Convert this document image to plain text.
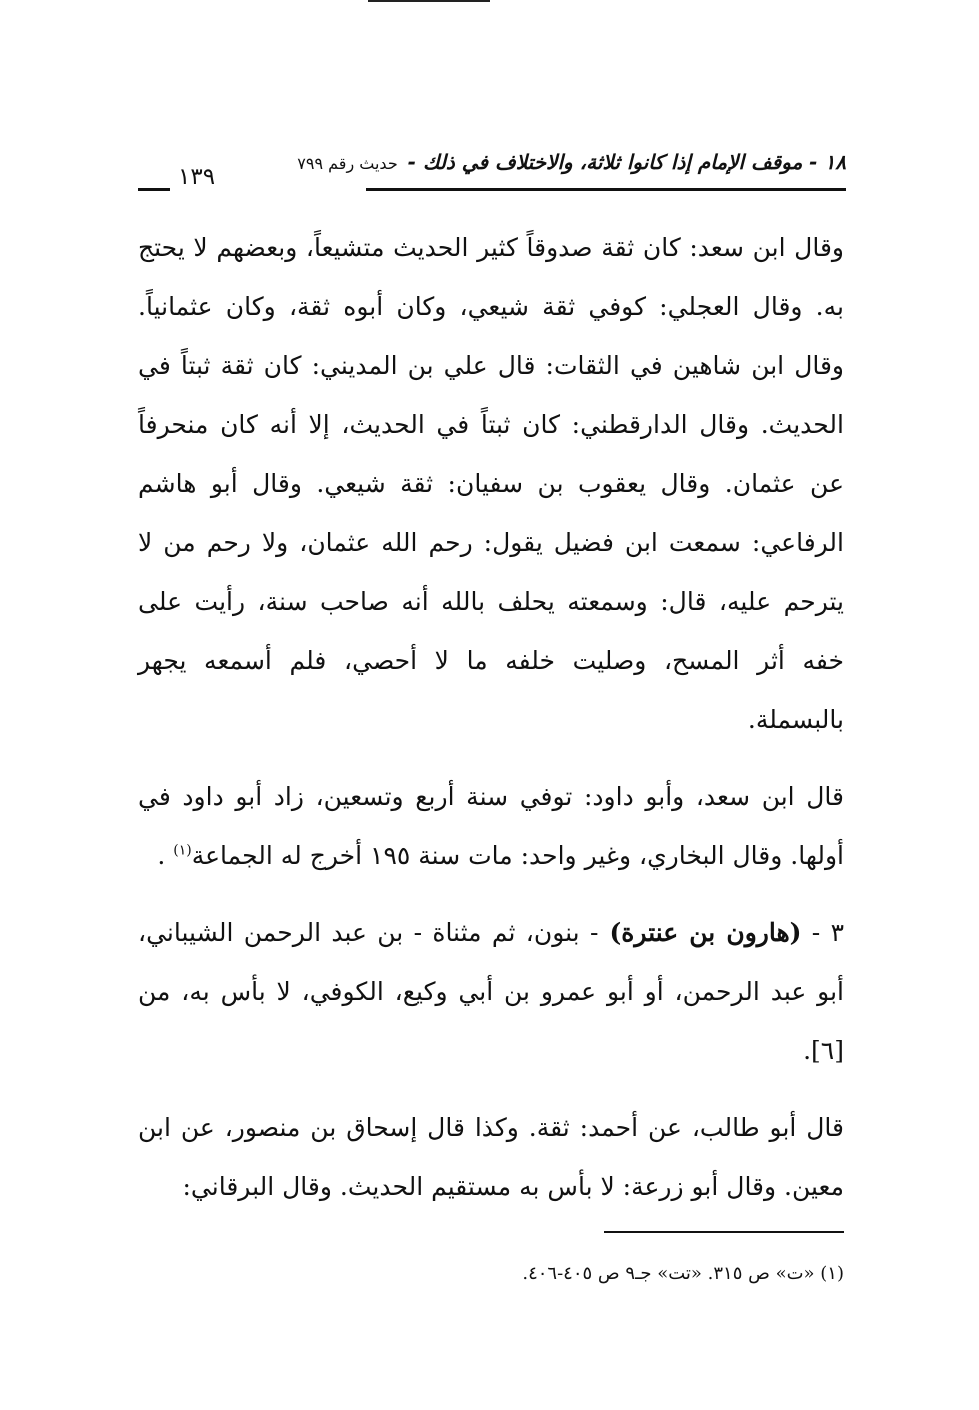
١٨ - موقف الإمام إذا كانوا ثلاثة، والاختلاف في ذلك -حديث رقم ٧٩٩
١٣٩

وقال ابن سعد: كان ثقة صدوقاً كثير الحديث متشيعاً، وبعضهم لا يحتج به. وقال العجلي: كوفي ثقة شيعي، وكان أبوه ثقة، وكان عثمانياً. وقال ابن شاهين في الثقات: قال علي بن المديني: كان ثقة ثبتاً في الحديث. وقال الدارقطني: كان ثبتاً في الحديث، إلا أنه كان منحرفاً عن عثمان. وقال يعقوب بن سفيان: ثقة شيعي. وقال أبو هاشم الرفاعي: سمعت ابن فضيل يقول: رحم الله عثمان، ولا رحم من لا يترحم عليه، قال: وسمعته يحلف بالله أنه صاحب سنة، رأيت على خفه أثر المسح، وصليت خلفه ما لا أحصي، فلم أسمعه يجهر بالبسملة.

قال ابن سعد، وأبو داود: توفي سنة أربع وتسعين، زاد أبو داود في أولها. وقال البخاري، وغير واحد: مات سنة ١٩٥ أخرج له الجماعة$^{(١)}$ .

٣ - (هارون بن عنترة) - بنون، ثم مثناة - بن عبد الرحمن الشيباني، أبو عبد الرحمن، أو أبو عمرو بن أبي وكيع، الكوفي، لا بأس به، من [٦].

قال أبو طالب، عن أحمد: ثقة. وكذا قال إسحاق بن منصور، عن ابن معين. وقال أبو زرعة: لا بأس به مستقيم الحديث. وقال البرقاني:

(١) «ت» ص ٣١٥. «تت» جـ٩ ص ٤٠٥-٤٠٦.
